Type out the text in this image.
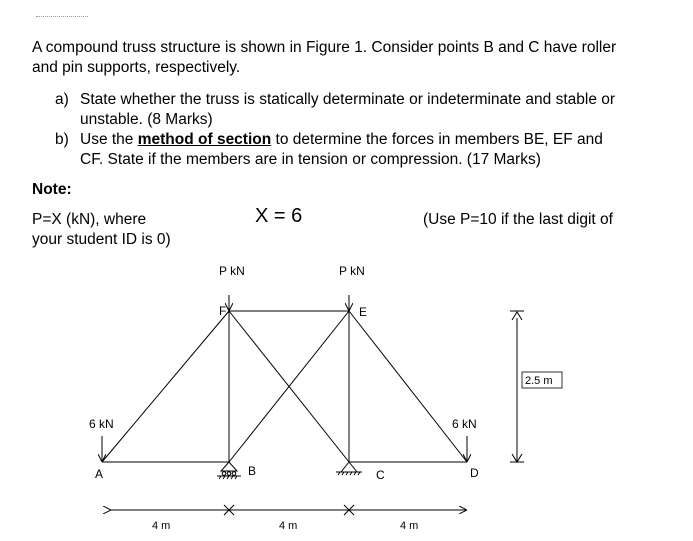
A compound truss structure is shown in Figure 1. Consider points B and C have roller
and pin supports, respectively.
a) State whether the truss is statically determinate or indeterminate and stable or
unstable. (8 Marks)
b) Use the method of section to determine the forces in members BE, EF and
CF. State if the members are in tension or compression. (17 Marks)
Note:
P=X (kN), where
your student ID is 0)
X = 6	(Use P=10 if the last digit of
P kN	P kN
6 kN	6 kN
A	B	C	D
E
F
4 m	4 m	4 m
2.5 m
